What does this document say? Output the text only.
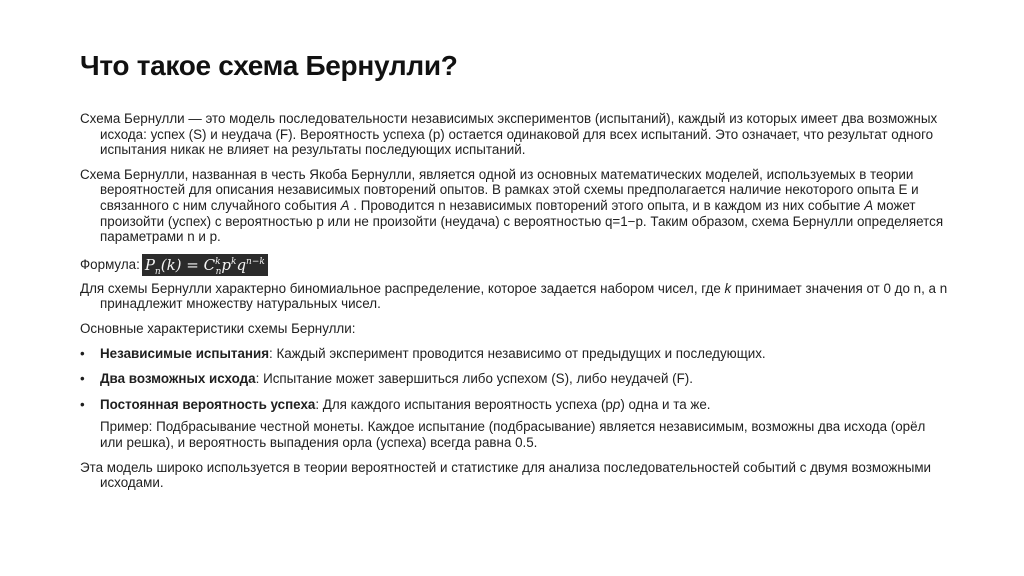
Что такое схема Бернулли?

Схема Бернулли — это модель последовательности независимых экспериментов (испытаний), каждый из которых имеет два возможных исхода: успех (S) и неудача (F). Вероятность успеха (p) остается одинаковой для всех испытаний. Это означает, что результат одного испытания никак не влияет на результаты последующих испытаний.

Схема Бернулли, названная в честь Якоба Бернулли, является одной из основных математических моделей, используемых в теории вероятностей для описания независимых повторений опытов. В рамках этой схемы предполагается наличие некоторого опыта E и связанного с ним случайного события A . Проводится n независимых повторений этого опыта, и в каждом из них событие A может произойти (успех) с вероятностью p или не произойти (неудача) с вероятностью q=1−p. Таким образом, схема Бернулли определяется параметрами n и p.

Формула: $P_n(k) = C^k_np^kq^{n-k}$

Для схемы Бернулли характерно биномиальное распределение, которое задается набором чисел, где k принимает значения от 0 до n, а n принадлежит множеству натуральных чисел.

Основные характеристики схемы Бернулли:

• Независимые испытания: Каждый эксперимент проводится независимо от предыдущих и последующих.
• Два возможных исхода: Испытание может завершиться либо успехом (S), либо неудачей (F).
• Постоянная вероятность успеха: Для каждого испытания вероятность успеха (pp) одна и та же.

Пример: Подбрасывание честной монеты. Каждое испытание (подбрасывание) является независимым, возможны два исхода (орёл или решка), и вероятность выпадения орла (успеха) всегда равна 0.5.

Эта модель широко используется в теории вероятностей и статистике для анализа последовательностей событий с двумя возможными исходами.
